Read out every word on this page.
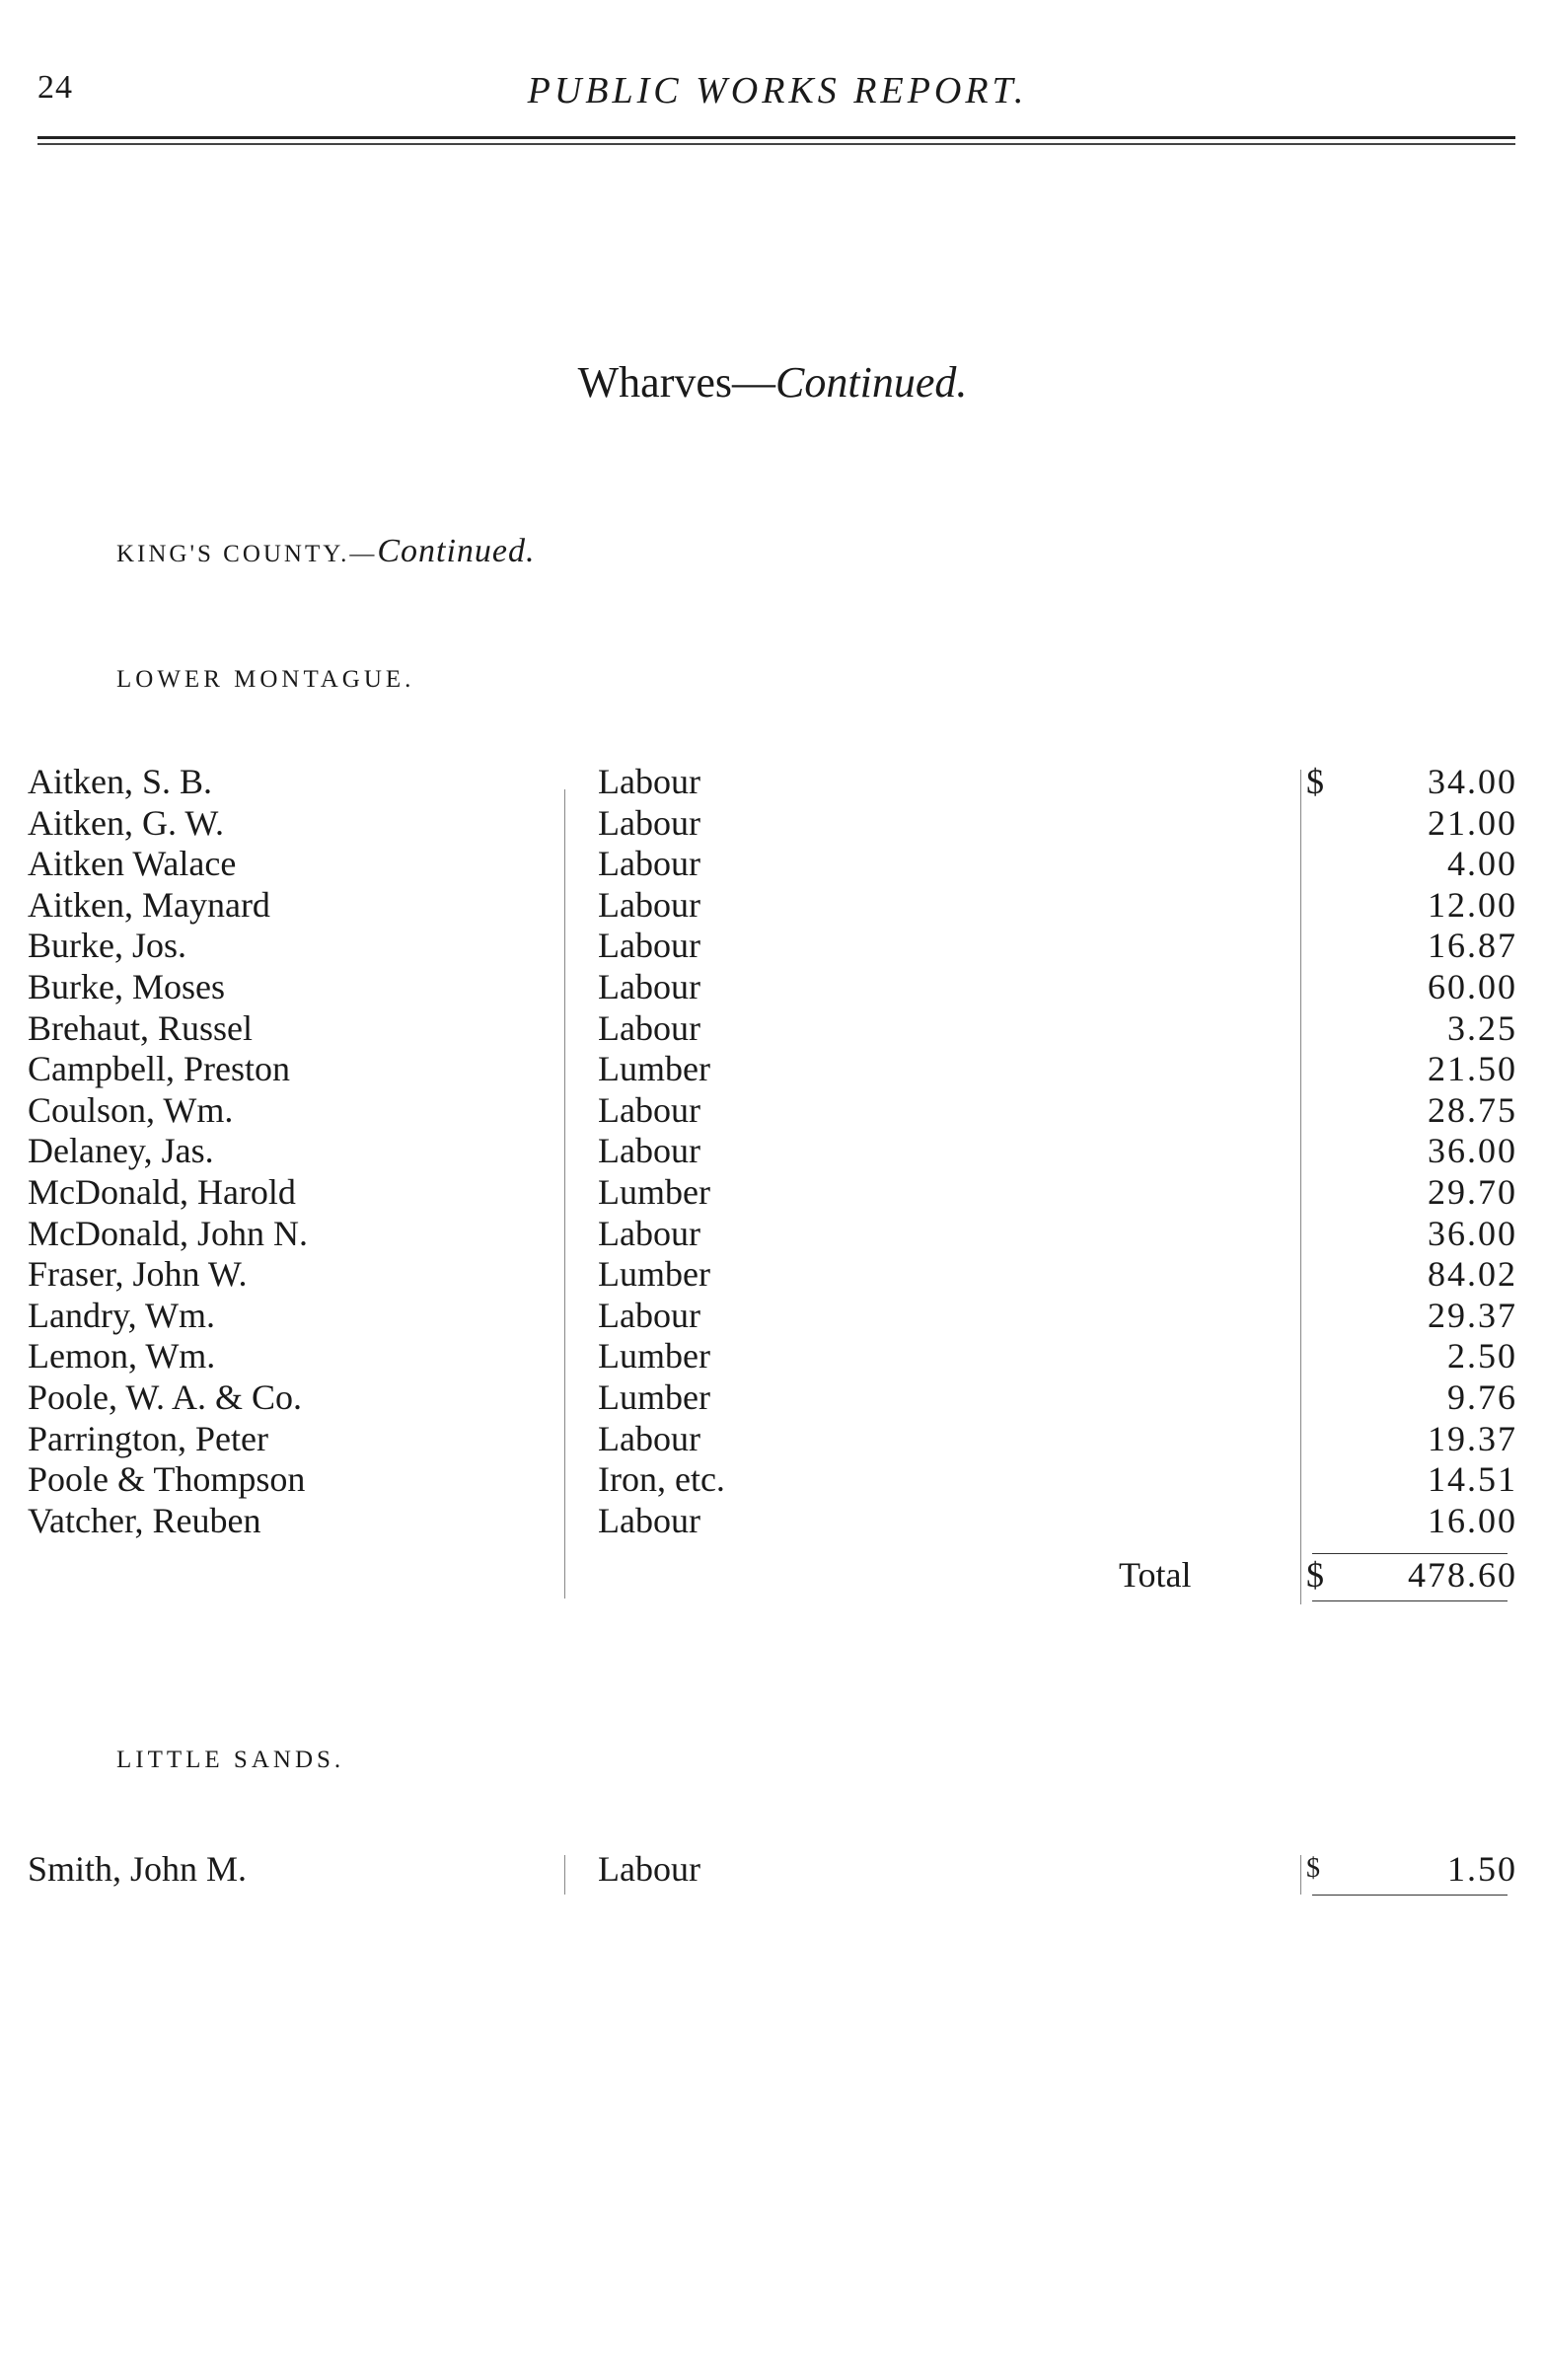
24	PUBLIC WORKS REPORT.
Wharves—Continued.
KING'S COUNTY.—Continued.
LOWER MONTAGUE.
Aitken, S. B.	Labour	$	34.00
Aitken, G. W.	Labour	21.00
Aitken Walace	Labour	4.00
Aitken, Maynard	Labour	12.00
Burke, Jos.	Labour	16.87
Burke, Moses	Labour	60.00
Brehaut, Russel	Labour	3.25
Campbell, Preston	Lumber	21.50
Coulson, Wm.	Labour	28.75
Delaney, Jas.	Labour	36.00
McDonald, Harold	Lumber	29.70
McDonald, John N.	Labour	36.00
Fraser, John W.	Lumber	84.02
Landry, Wm.	Labour	29.37
Lemon, Wm.	Lumber	2.50
Poole, W. A. & Co.	Lumber	9.76
Parrington, Peter	Labour	19.37
Poole & Thompson	Iron, etc.	14.51
Vatcher, Reuben	Labour	16.00
Total	$ 478.60
LITTLE SANDS.
Smith, John M.	Labour	$	1.50
